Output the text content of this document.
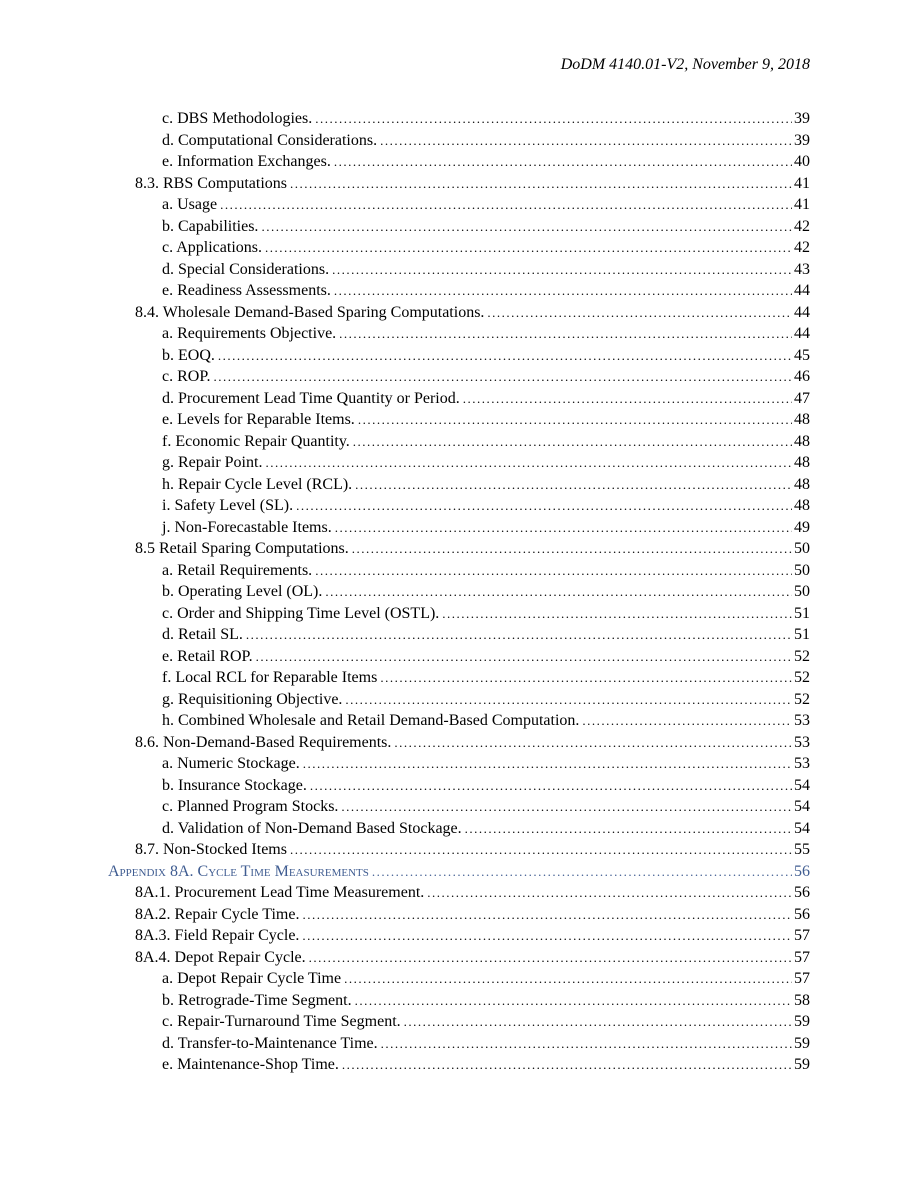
DoDM 4140.01-V2, November 9, 2018
c. DBS Methodologies. .....	39
d. Computational Considerations. .....	39
e. Information Exchanges. .....	40
8.3. RBS Computations .....	41
a. Usage .....	41
b. Capabilities. .....	42
c. Applications. .....	42
d. Special Considerations. .....	43
e. Readiness Assessments. .....	44
8.4. Wholesale Demand-Based Sparing Computations. .....	44
a. Requirements Objective. .....	44
b. EOQ. .....	45
c. ROP. .....	46
d. Procurement Lead Time Quantity or Period. .....	47
e. Levels for Reparable Items. .....	48
f. Economic Repair Quantity. .....	48
g. Repair Point. .....	48
h. Repair Cycle Level (RCL). .....	48
i. Safety Level (SL). .....	48
j. Non-Forecastable Items. .....	49
8.5 Retail Sparing Computations. .....	50
a. Retail Requirements. .....	50
b. Operating Level (OL). .....	50
c. Order and Shipping Time Level (OSTL). .....	51
d. Retail SL. .....	51
e. Retail ROP. .....	52
f. Local RCL for Reparable Items .....	52
g. Requisitioning Objective. .....	52
h. Combined Wholesale and Retail Demand-Based Computation. .....	53
8.6. Non-Demand-Based Requirements. .....	53
a. Numeric Stockage. .....	53
b. Insurance Stockage. .....	54
c. Planned Program Stocks. .....	54
d. Validation of Non-Demand Based Stockage. .....	54
8.7. Non-Stocked Items .....	55
Appendix 8A. Cycle Time Measurements .....	56
8A.1. Procurement Lead Time Measurement. .....	56
8A.2. Repair Cycle Time. .....	56
8A.3. Field Repair Cycle. .....	57
8A.4. Depot Repair Cycle. .....	57
a. Depot Repair Cycle Time .....	57
b. Retrograde-Time Segment. .....	58
c. Repair-Turnaround Time Segment. .....	59
d. Transfer-to-Maintenance Time. .....	59
e. Maintenance-Shop Time. .....	59
